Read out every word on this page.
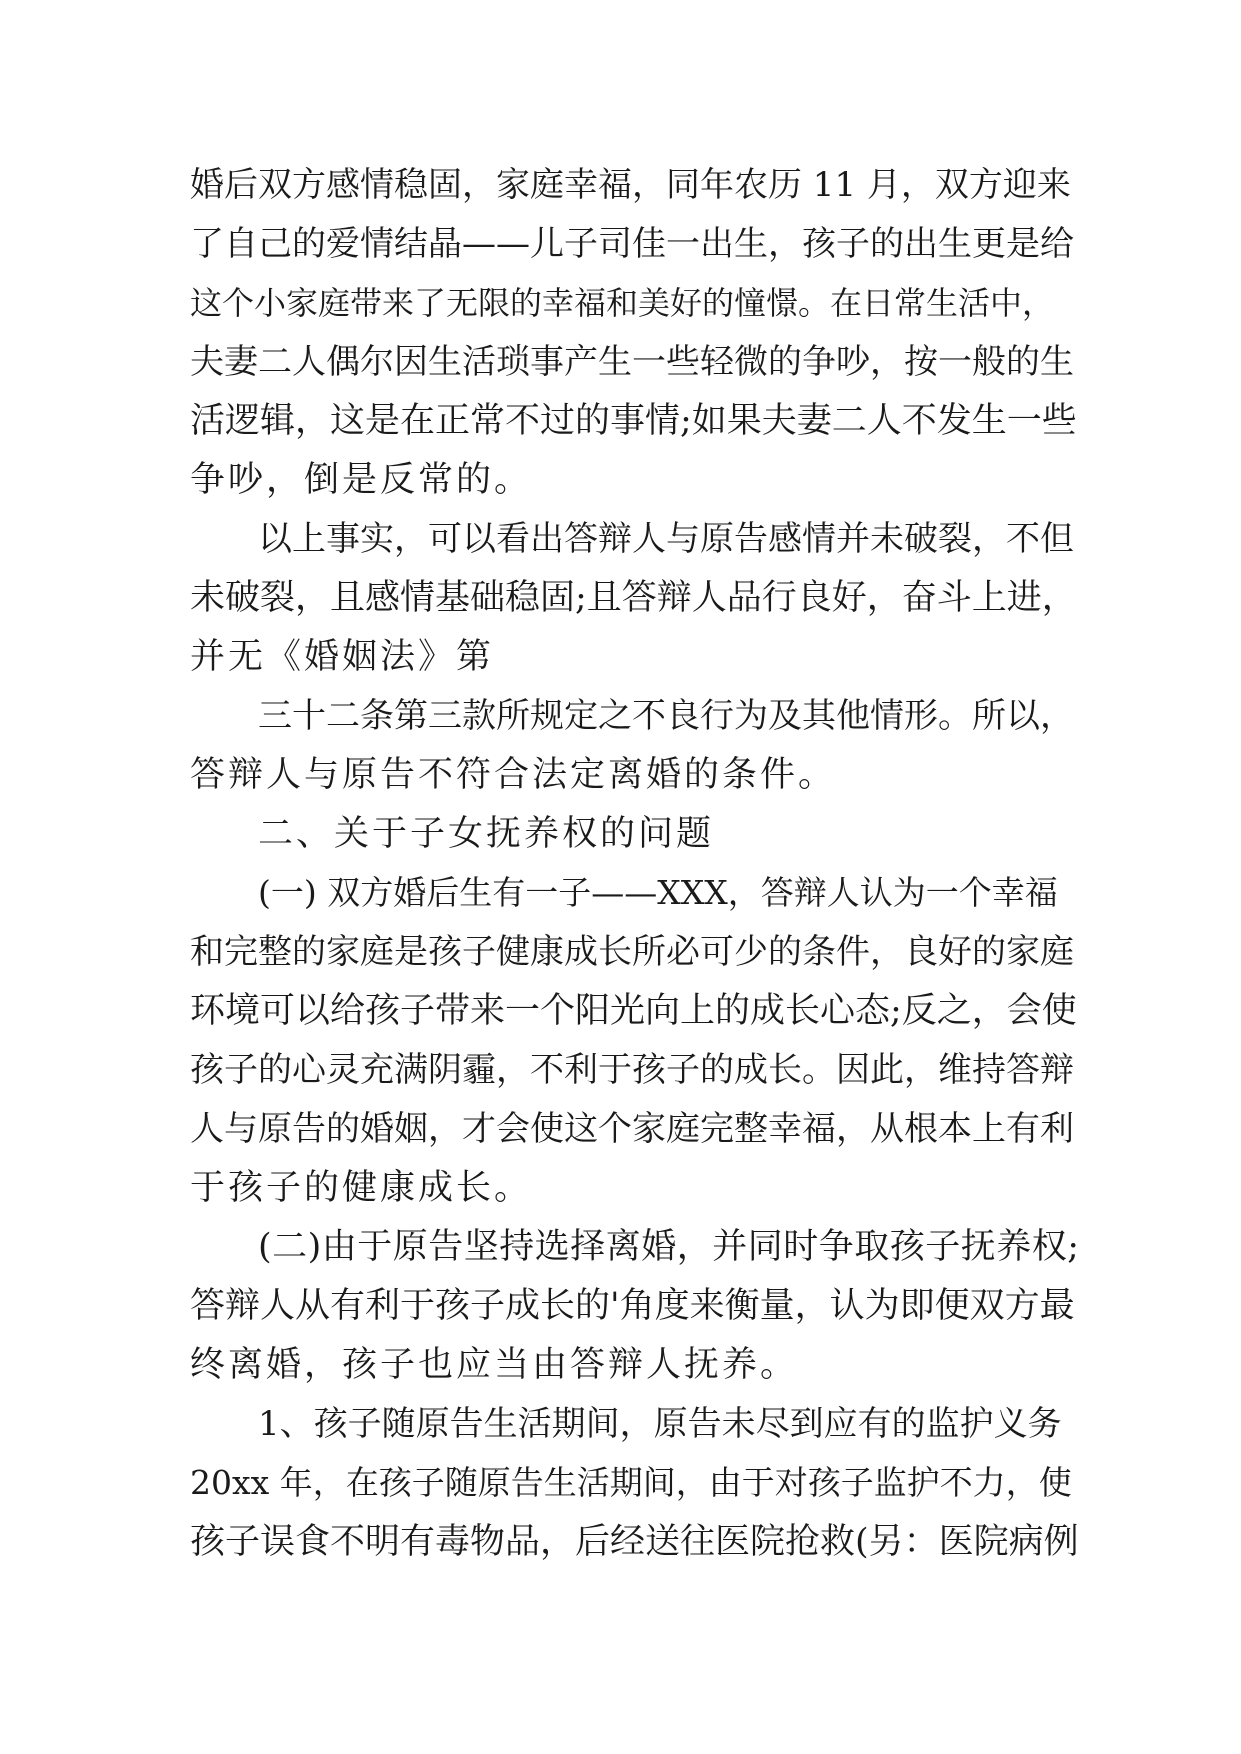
婚后双方感情稳固，家庭幸福，同年农历 11 月，双方迎来
了自己的爱情结晶——儿子司佳一出生，孩子的出生更是给
这个小家庭带来了无限的幸福和美好的憧憬。在日常生活中，
夫妻二人偶尔因生活琐事产生一些轻微的争吵，按一般的生
活逻辑，这是在正常不过的事情;如果夫妻二人不发生一些
争吵，倒是反常的。
以上事实，可以看出答辩人与原告感情并未破裂，不但
未破裂，且感情基础稳固;且答辩人品行良好，奋斗上进，
并无《婚姻法》第
三十二条第三款所规定之不良行为及其他情形。所以，
答辩人与原告不符合法定离婚的条件。
二、关于子女抚养权的问题
(一) 双方婚后生有一子——XXX，答辩人认为一个幸福
和完整的家庭是孩子健康成长所必可少的条件，良好的家庭
环境可以给孩子带来一个阳光向上的成长心态;反之，会使
孩子的心灵充满阴霾，不利于孩子的成长。因此，维持答辩
人与原告的婚姻，才会使这个家庭完整幸福，从根本上有利
于孩子的健康成长。
(二)由于原告坚持选择离婚，并同时争取孩子抚养权;
答辩人从有利于孩子成长的'角度来衡量，认为即便双方最
终离婚，孩子也应当由答辩人抚养。
1、孩子随原告生活期间，原告未尽到应有的监护义务
20xx 年，在孩子随原告生活期间，由于对孩子监护不力，使
孩子误食不明有毒物品，后经送往医院抢救(另：医院病例
